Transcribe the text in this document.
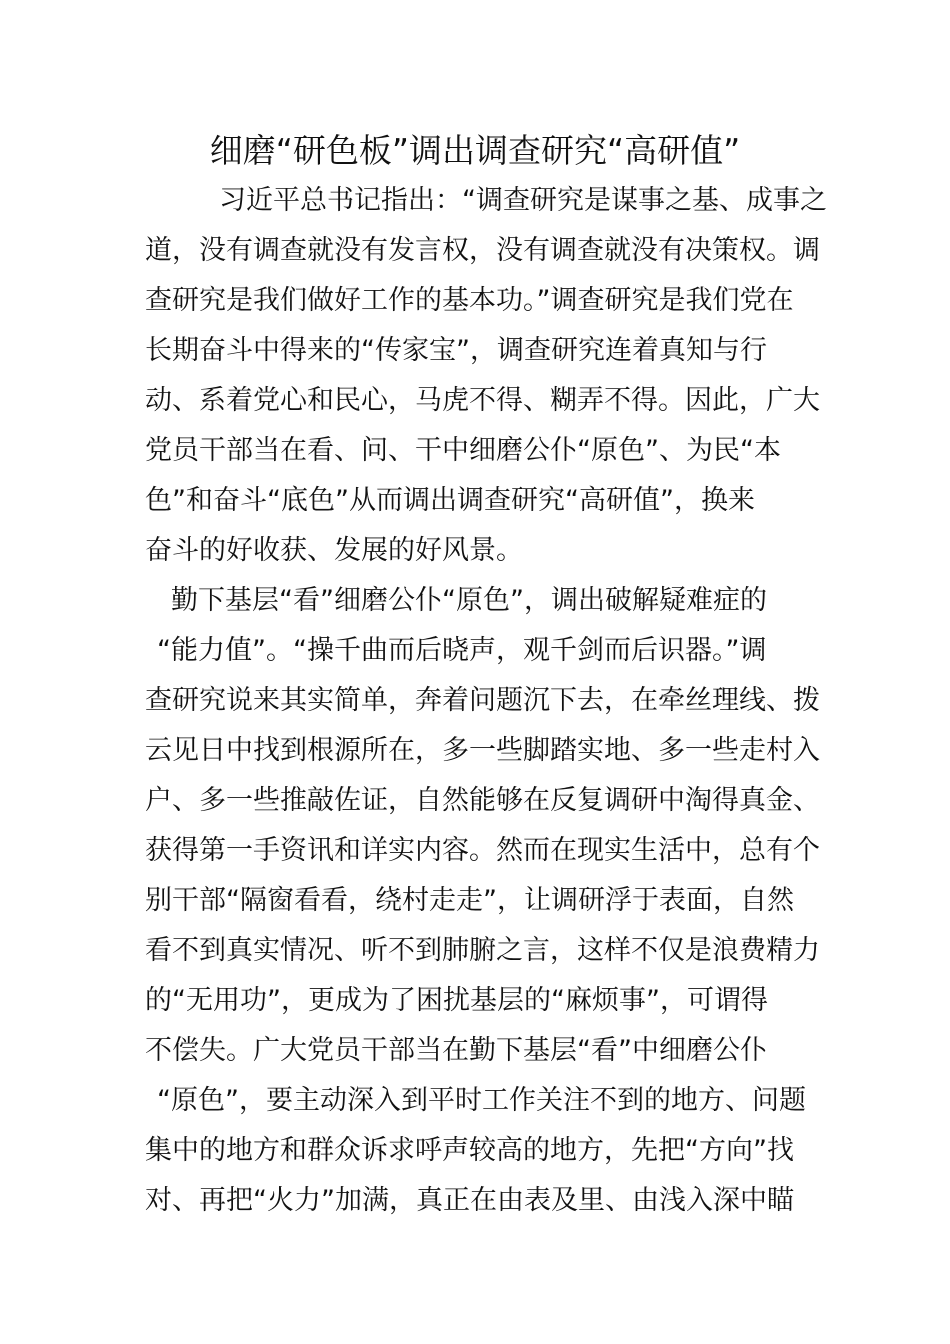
细磨“研色板”调出调查研究“高研值”
习近平总书记指出：“调查研究是谋事之基、成事之
道，没有调查就没有发言权，没有调查就没有决策权。调
查研究是我们做好工作的基本功。”调查研究是我们党在
长期奋斗中得来的“传家宝”，调查研究连着真知与行
动、系着党心和民心，马虎不得、糊弄不得。因此，广大
党员干部当在看、问、干中细磨公仆“原色”、为民“本
色”和奋斗“底色”从而调出调查研究“高研值”，换来
奋斗的好收获、发展的好风景。
勤下基层“看”细磨公仆“原色”，调出破解疑难症的
“能力值”。“操千曲而后晓声，观千剑而后识器。”调
查研究说来其实简单，奔着问题沉下去，在牵丝理线、拨
云见日中找到根源所在，多一些脚踏实地、多一些走村入
户、多一些推敲佐证，自然能够在反复调研中淘得真金、
获得第一手资讯和详实内容。然而在现实生活中，总有个
别干部“隔窗看看，绕村走走”，让调研浮于表面，自然
看不到真实情况、听不到肺腑之言，这样不仅是浪费精力
的“无用功”，更成为了困扰基层的“麻烦事”，可谓得
不偿失。广大党员干部当在勤下基层“看”中细磨公仆
“原色”，要主动深入到平时工作关注不到的地方、问题
集中的地方和群众诉求呼声较高的地方，先把“方向”找
对、再把“火力”加满，真正在由表及里、由浅入深中瞄
